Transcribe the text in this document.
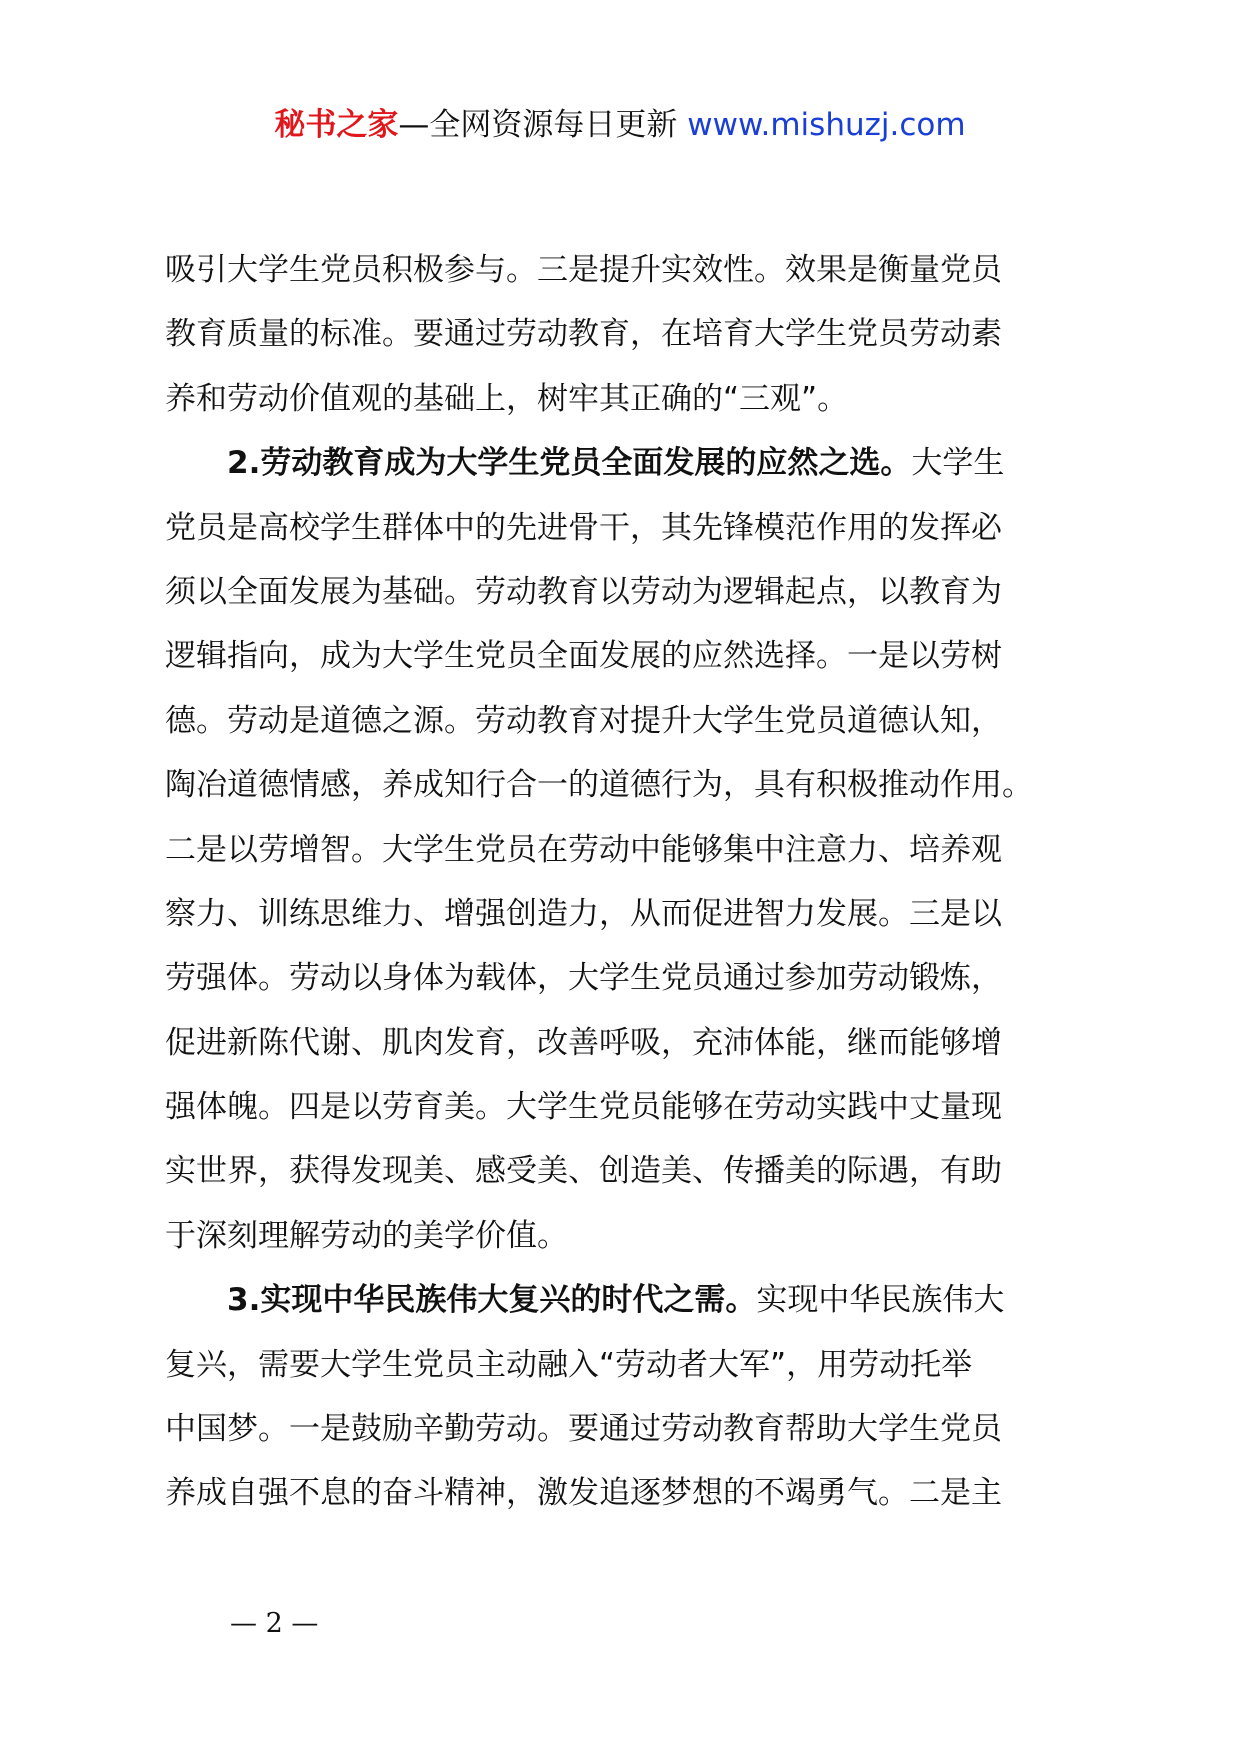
秘书之家—全网资源每日更新 www.mishuzj.com
吸引大学生党员积极参与。三是提升实效性。效果是衡量党员
教育质量的标准。要通过劳动教育，在培育大学生党员劳动素
养和劳动价值观的基础上，树牢其正确的“三观”。
2.劳动教育成为大学生党员全面发展的应然之选。大学生
党员是高校学生群体中的先进骨干，其先锋模范作用的发挥必
须以全面发展为基础。劳动教育以劳动为逻辑起点，以教育为
逻辑指向，成为大学生党员全面发展的应然选择。一是以劳树
德。劳动是道德之源。劳动教育对提升大学生党员道德认知，
陶冶道德情感，养成知行合一的道德行为，具有积极推动作用。
二是以劳增智。大学生党员在劳动中能够集中注意力、培养观
察力、训练思维力、增强创造力，从而促进智力发展。三是以
劳强体。劳动以身体为载体，大学生党员通过参加劳动锻炼，
促进新陈代谢、肌肉发育，改善呼吸，充沛体能，继而能够增
强体魄。四是以劳育美。大学生党员能够在劳动实践中丈量现
实世界，获得发现美、感受美、创造美、传播美的际遇，有助
于深刻理解劳动的美学价值。
3.实现中华民族伟大复兴的时代之需。实现中华民族伟大
复兴，需要大学生党员主动融入“劳动者大军”，用劳动托举
中国梦。一是鼓励辛勤劳动。要通过劳动教育帮助大学生党员
养成自强不息的奋斗精神，激发追逐梦想的不竭勇气。二是主
— 2 —
